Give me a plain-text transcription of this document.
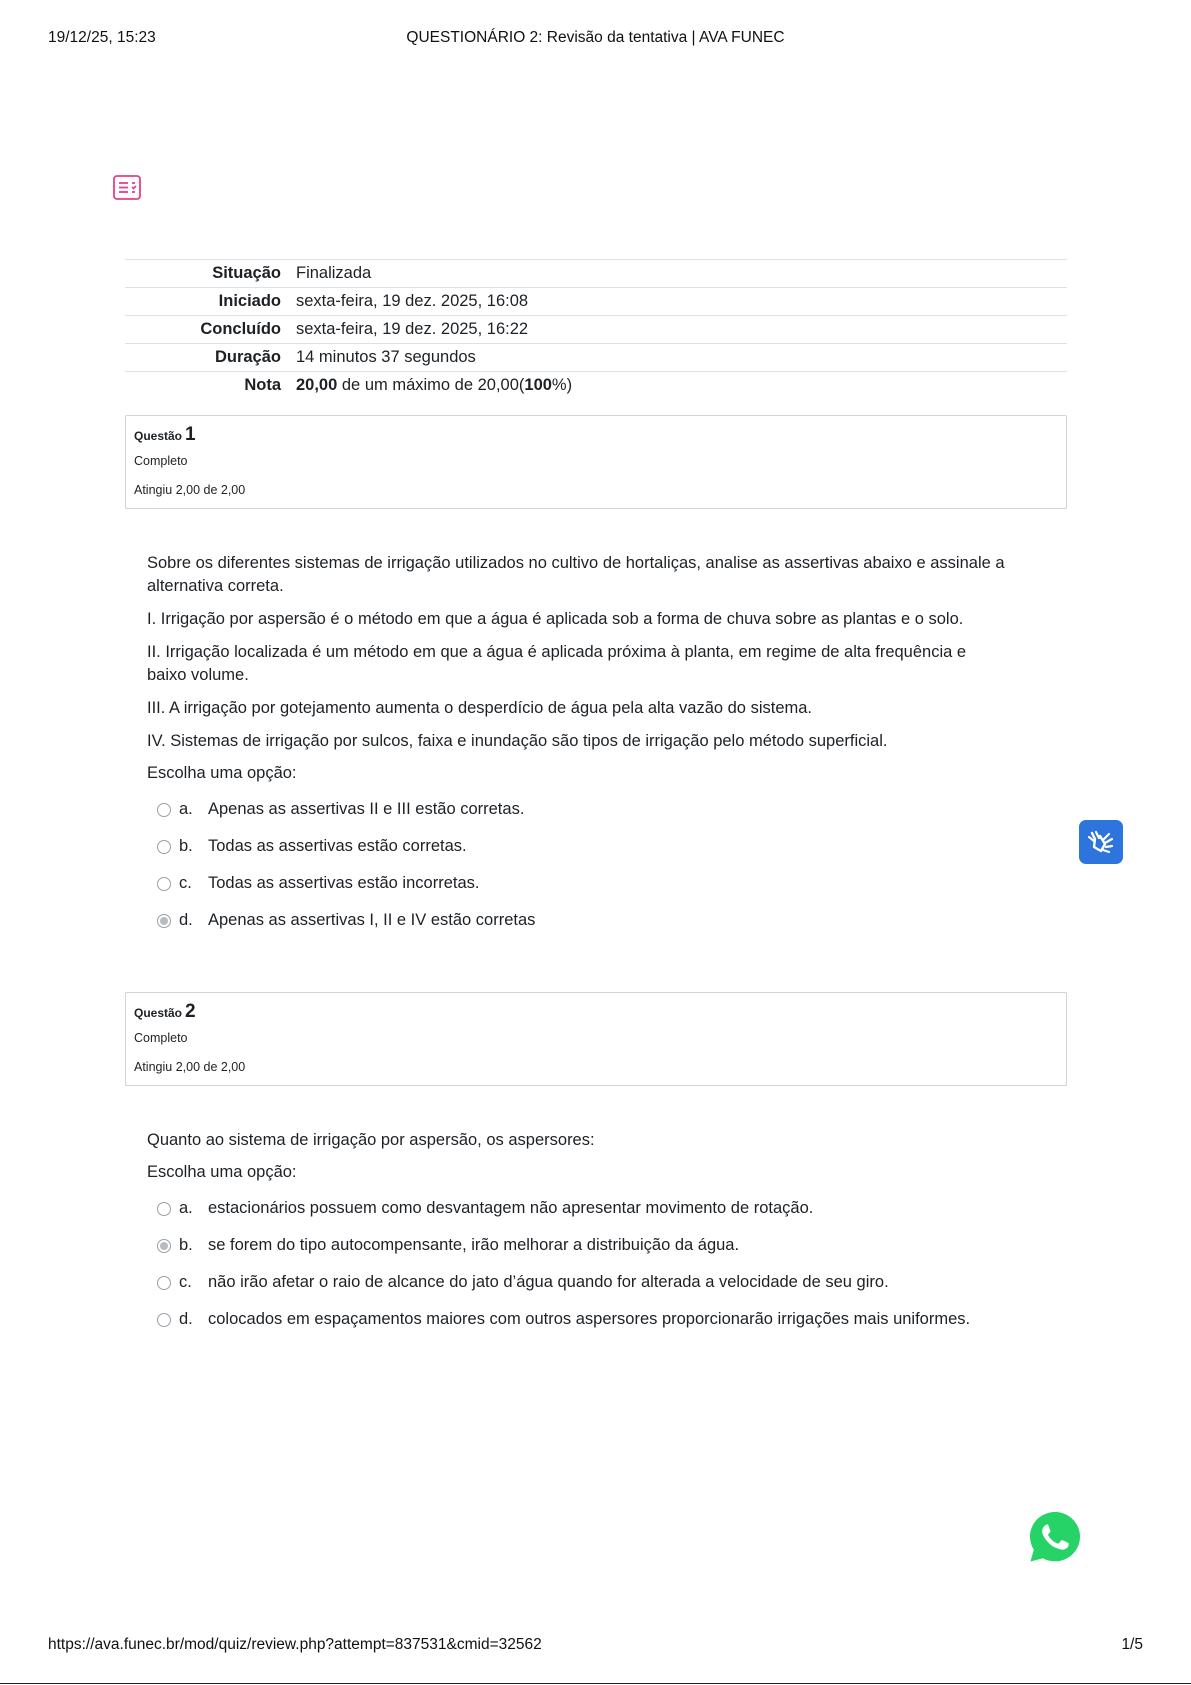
19/12/25, 15:23	QUESTIONÁRIO 2: Revisão da tentativa | AVA FUNEC
Situação	Finalizada
Iniciado	sexta-feira, 19 dez. 2025, 16:08
Concluído	sexta-feira, 19 dez. 2025, 16:22
Duração	14 minutos 37 segundos
Nota	20,00 de um máximo de 20,00(100%)
Questão 1
Completo
Atingiu 2,00 de 2,00

Sobre os diferentes sistemas de irrigação utilizados no cultivo de hortaliças, analise as assertivas abaixo e assinale a alternativa correta.

I. Irrigação por aspersão é o método em que a água é aplicada sob a forma de chuva sobre as plantas e o solo.

II. Irrigação localizada é um método em que a água é aplicada próxima à planta, em regime de alta frequência e baixo volume.

III. A irrigação por gotejamento aumenta o desperdício de água pela alta vazão do sistema.

IV. Sistemas de irrigação por sulcos, faixa e inundação são tipos de irrigação pelo método superficial.

Escolha uma opção:
a. Apenas as assertivas II e III estão corretas.
b. Todas as assertivas estão corretas.
c. Todas as assertivas estão incorretas.
d. Apenas as assertivas I, II e IV estão corretas
Questão 2
Completo
Atingiu 2,00 de 2,00

Quanto ao sistema de irrigação por aspersão, os aspersores:

Escolha uma opção:
a. estacionários possuem como desvantagem não apresentar movimento de rotação.
b. se forem do tipo autocompensante, irão melhorar a distribuição da água.
c. não irão afetar o raio de alcance do jato d’água quando for alterada a velocidade de seu giro.
d. colocados em espaçamentos maiores com outros aspersores proporcionarão irrigações mais uniformes.
https://ava.funec.br/mod/quiz/review.php?attempt=837531&cmid=32562	1/5
